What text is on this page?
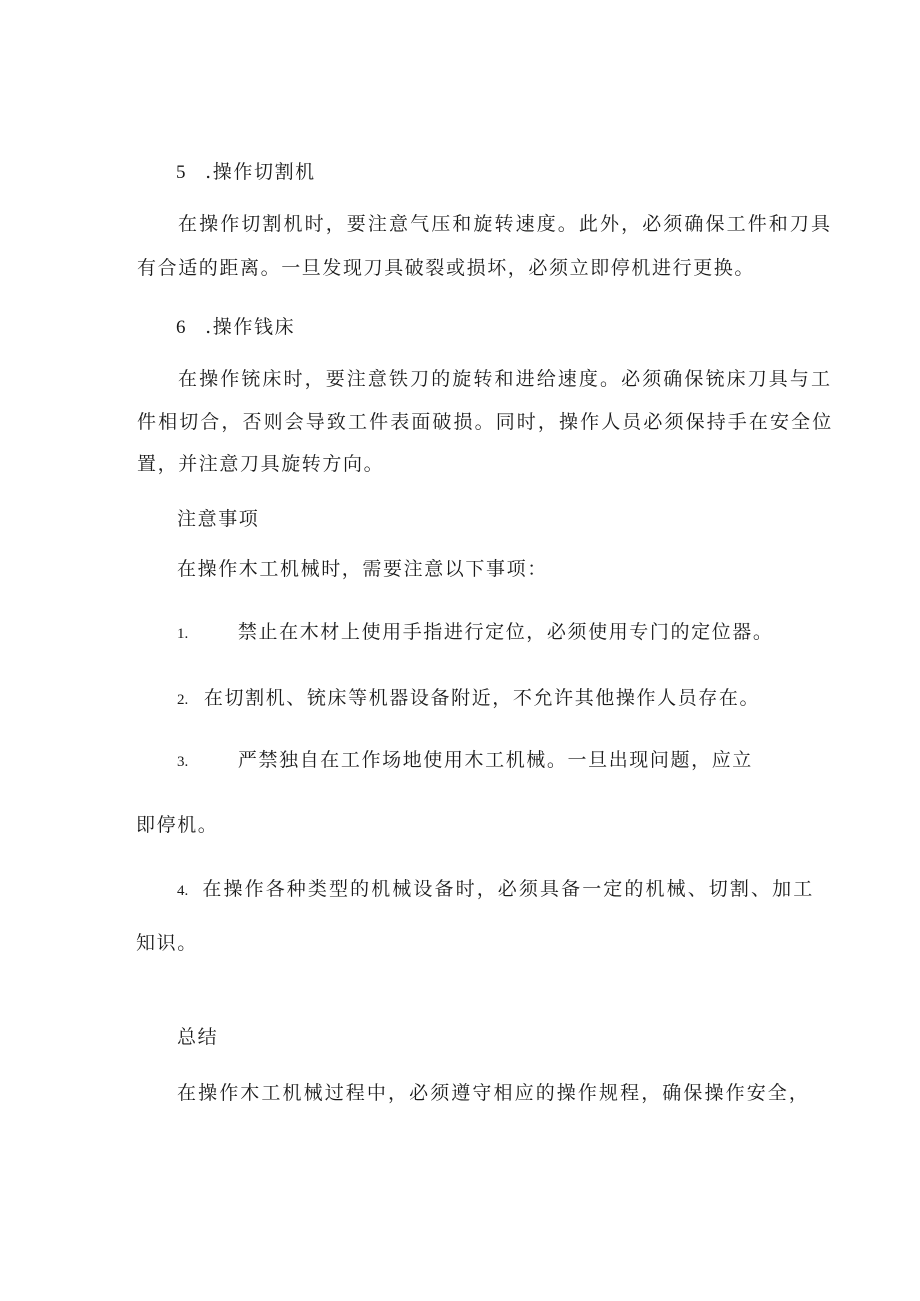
5 .操作切割机
在操作切割机时，要注意气压和旋转速度。此外，必须确保工件和刀具
有合适的距离。一旦发现刀具破裂或损坏，必须立即停机进行更换。
6 .操作钱床
在操作铳床时，要注意铁刀的旋转和进给速度。必须确保铳床刀具与工
件相切合，否则会导致工件表面破损。同时，操作人员必须保持手在安全位
置，并注意刀具旋转方向。
注意事项
在操作木工机械时，需要注意以下事项：
1.	禁止在木材上使用手指进行定位，必须使用专门的定位器。
2. 在切割机、铳床等机器设备附近，不允许其他操作人员存在。
3.	严禁独自在工作场地使用木工机械。一旦出现问题，应立
即停机。
4. 在操作各种类型的机械设备时，必须具备一定的机械、切割、加工
知识。
总结
在操作木工机械过程中，必须遵守相应的操作规程，确保操作安全，
